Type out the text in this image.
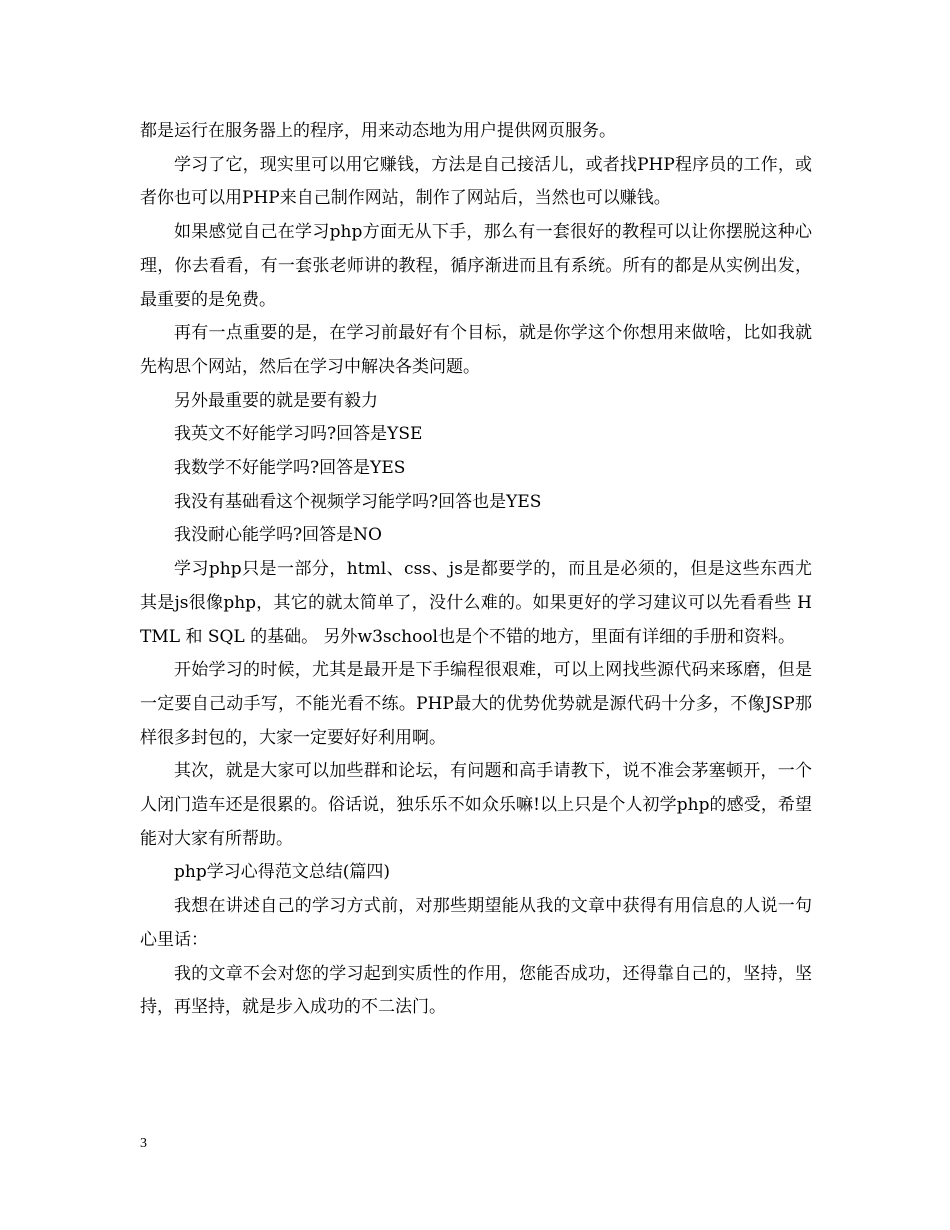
都是运行在服务器上的程序，用来动态地为用户提供网页服务。

学习了它，现实里可以用它赚钱，方法是自己接活儿，或者找PHP程序员的工作，或者你也可以用PHP来自己制作网站，制作了网站后，当然也可以赚钱。

如果感觉自己在学习php方面无从下手，那么有一套很好的教程可以让你摆脱这种心理，你去看看，有一套张老师讲的教程，循序渐进而且有系统。所有的都是从实例出发，最重要的是免费。

再有一点重要的是，在学习前最好有个目标，就是你学这个你想用来做啥，比如我就先构思个网站，然后在学习中解决各类问题。

另外最重要的就是要有毅力

我英文不好能学习吗?回答是YSE

我数学不好能学吗?回答是YES

我没有基础看这个视频学习能学吗?回答也是YES

我没耐心能学吗?回答是NO

学习php只是一部分，html、css、js是都要学的，而且是必须的，但是这些东西尤其是js很像php，其它的就太简单了，没什么难的。如果更好的学习建议可以先看看些 HTML 和 SQL 的基础。 另外w3school也是个不错的地方，里面有详细的手册和资料。

开始学习的时候，尤其是最开是下手编程很艰难，可以上网找些源代码来琢磨，但是一定要自己动手写，不能光看不练。PHP最大的优势优势就是源代码十分多，不像JSP那样很多封包的，大家一定要好好利用啊。

其次，就是大家可以加些群和论坛，有问题和高手请教下，说不准会茅塞顿开，一个人闭门造车还是很累的。俗话说，独乐乐不如众乐嘛!以上只是个人初学php的感受，希望能对大家有所帮助。

php学习心得范文总结(篇四)

我想在讲述自己的学习方式前，对那些期望能从我的文章中获得有用信息的人说一句心里话：

我的文章不会对您的学习起到实质性的作用，您能否成功，还得靠自己的，坚持，坚持，再坚持，就是步入成功的不二法门。

3
